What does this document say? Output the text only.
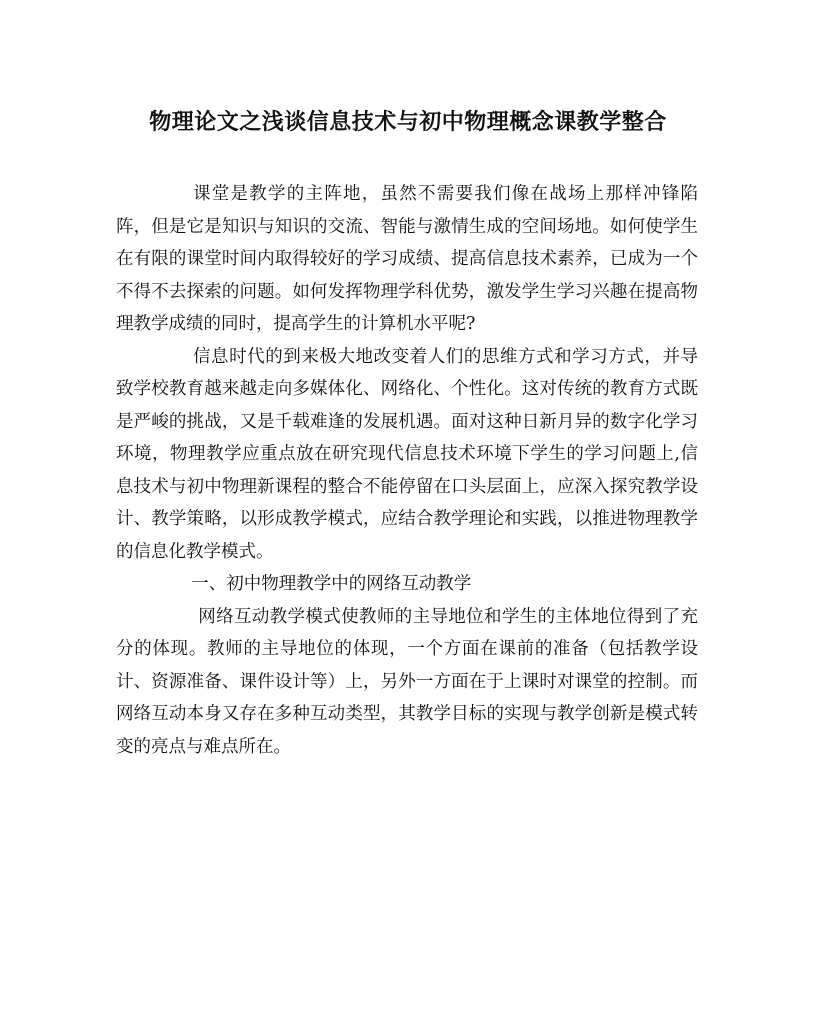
物理论文之浅谈信息技术与初中物理概念课教学整合

课堂是教学的主阵地，虽然不需要我们像在战场上那样冲锋陷阵，但是它是知识与知识的交流、智能与激情生成的空间场地。如何使学生在有限的课堂时间内取得较好的学习成绩、提高信息技术素养，已成为一个不得不去探索的问题。如何发挥物理学科优势，激发学生学习兴趣在提高物理教学成绩的同时，提高学生的计算机水平呢?

信息时代的到来极大地改变着人们的思维方式和学习方式，并导致学校教育越来越走向多媒体化、网络化、个性化。这对传统的教育方式既是严峻的挑战，又是千载难逢的发展机遇。面对这种日新月异的数字化学习环境，物理教学应重点放在研究现代信息技术环境下学生的学习问题上,信息技术与初中物理新课程的整合不能停留在口头层面上，应深入探究教学设计、教学策略，以形成教学模式，应结合教学理论和实践，以推进物理教学的信息化教学模式。

一、初中物理教学中的网络互动教学

网络互动教学模式使教师的主导地位和学生的主体地位得到了充分的体现。教师的主导地位的体现，一个方面在课前的准备（包括教学设计、资源准备、课件设计等）上，另外一方面在于上课时对课堂的控制。而网络互动本身又存在多种互动类型，其教学目标的实现与教学创新是模式转变的亮点与难点所在。
